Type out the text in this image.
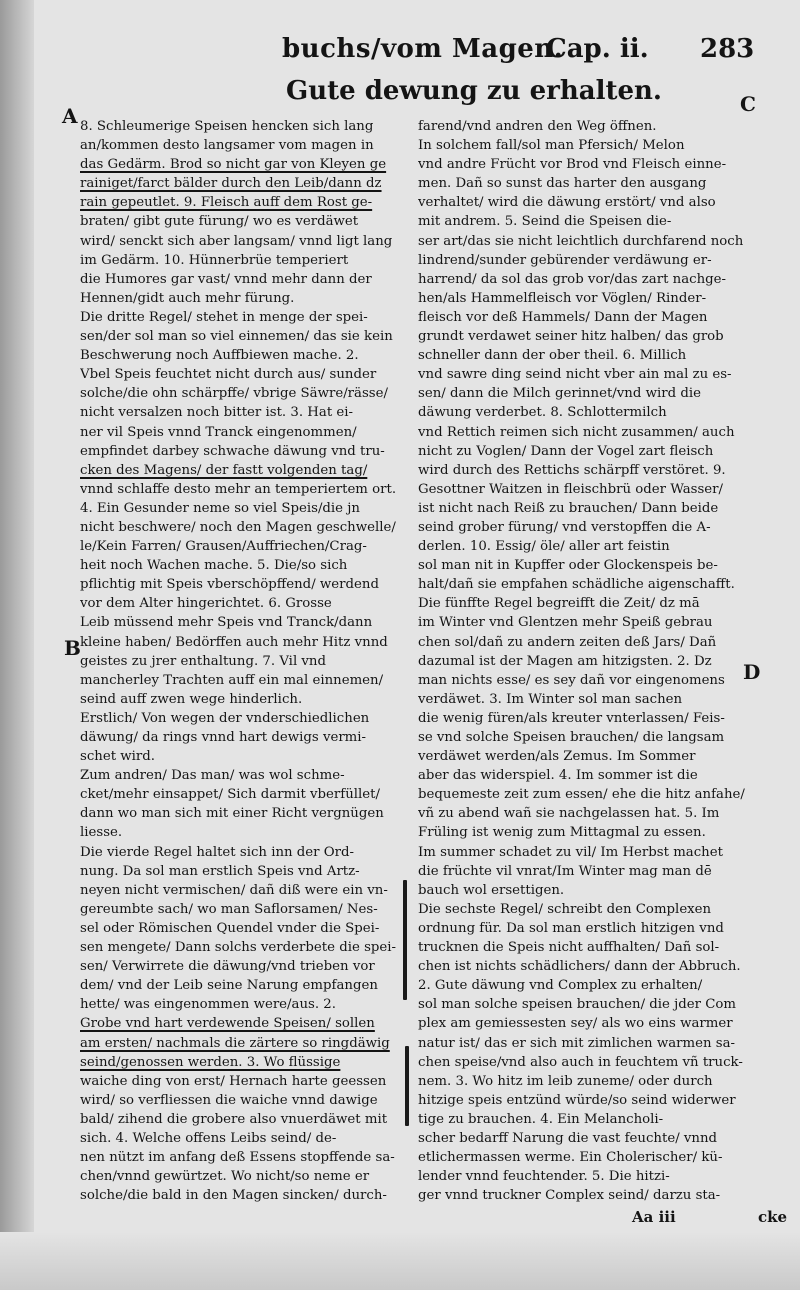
buchs/vom Magen.
Cap. ii. 283
Gute dewung zu erhalten.
A
B
C
D
8. Schleumerige Speisen hencken sich lang
an/kommen desto langsamer vom magen in
das Gedärm. Brod so nicht gar von Kleyen ge
rainiget/farct bälder durch den Leib/dann dz
rain gepeutlet. 9. Fleisch auff dem Rost ge-
braten/ gibt gute fürung/ wo es verdäwet
wird/ senckt sich aber langsam/ vnnd ligt lang
im Gedärm. 10. Hünnerbrüe temperiert
die Humores gar vast/ vnnd mehr dann der
Hennen/gidt auch mehr fürung.
Die dritte Regel/ stehet in menge der spei-
sen/der sol man so viel einnemen/ das sie kein
Beschwerung noch Auffbiewen mache. 2.
Vbel Speis feuchtet nicht durch aus/ sunder
solche/die ohn schärpffe/ vbrige Säwre/rässe/
nicht versalzen noch bitter ist. 3. Hat ei-
ner vil Speis vnnd Tranck eingenommen/
empfindet darbey schwache däwung vnd tru-
cken des Magens/ der fastt volgenden tag/
vnnd schlaffe desto mehr an temperiertem ort.
4. Ein Gesunder neme so viel Speis/die jn
nicht beschwere/ noch den Magen geschwelle/
le/Kein Farren/ Grausen/Auffriechen/Crag-
heit noch Wachen mache. 5. Die/so sich
pflichtig mit Speis vberschöpffend/ werdend
vor dem Alter hingerichtet. 6. Grosse
Leib müssend mehr Speis vnd Tranck/dann
kleine haben/ Bedörffen auch mehr Hitz vnnd
geistes zu jrer enthaltung. 7. Vil vnd
mancherley Trachten auff ein mal einnemen/
seind auff zwen wege hinderlich.
Erstlich/ Von wegen der vnderschiedlichen
däwung/ da rings vnnd hart dewigs vermi-
schet wird.
Zum andren/ Das man/ was wol schme-
cket/mehr einsappet/ Sich darmit vberfüllet/
dann wo man sich mit einer Richt vergnügen
liesse.
Die vierde Regel haltet sich inn der Ord-
nung. Da sol man erstlich Speis vnd Artz-
neyen nicht vermischen/ dañ diß were ein vn-
gereumbte sach/ wo man Saflorsamen/ Nes-
sel oder Römischen Quendel vnder die Spei-
sen mengete/ Dann solchs verderbete die spei-
sen/ Verwirrete die däwung/vnd trieben vor
dem/ vnd der Leib seine Narung empfangen
hette/ was eingenommen were/aus. 2.
Grobe vnd hart verdewende Speisen/ sollen
am ersten/ nachmals die zärtere so ringdäwig
seind/genossen werden. 3. Wo flüssige
waiche ding von erst/ Hernach harte geessen
wird/ so verfliessen die waiche vnnd dawige
bald/ zihend die grobere also vnuerdäwet mit
sich. 4. Welche offens Leibs seind/ de-
nen nützt im anfang deß Essens stopffende sa-
chen/vnnd gewürtzet. Wo nicht/so neme er
solche/die bald in den Magen sincken/ durch-
farend/vnd andren den Weg öffnen.
In solchem fall/sol man Pfersich/ Melon
vnd andre Frücht vor Brod vnd Fleisch einne-
men. Dañ so sunst das harter den ausgang
verhaltet/ wird die däwung erstört/ vnd also
mit andrem. 5. Seind die Speisen die-
ser art/das sie nicht leichtlich durchfarend noch
lindrend/sunder gebürender verdäwung er-
harrend/ da sol das grob vor/das zart nachge-
hen/als Hammelfleisch vor Vöglen/ Rinder-
fleisch vor deß Hammels/ Dann der Magen
grundt verdawet seiner hitz halben/ das grob
schneller dann der ober theil. 6. Millich
vnd sawre ding seind nicht vber ain mal zu es-
sen/ dann die Milch gerinnet/vnd wird die
däwung verderbet. 8. Schlottermilch
vnd Rettich reimen sich nicht zusammen/ auch
nicht zu Voglen/ Dann der Vogel zart fleisch
wird durch des Rettichs schärpff verstöret. 9.
Gesottner Waitzen in fleischbrü oder Wasser/
ist nicht nach Reiß zu brauchen/ Dann beide
seind grober fürung/ vnd verstopffen die A-
derlen. 10. Essig/ öle/ aller art feistin
sol man nit in Kupffer oder Glockenspeis be-
halt/dañ sie empfahen schädliche aigenschafft.
Die fünffte Regel begreifft die Zeit/ dz mā
im Winter vnd Glentzen mehr Speiß gebrau
chen sol/dañ zu andern zeiten deß Jars/ Dañ
dazumal ist der Magen am hitzigsten. 2. Dz
man nichts esse/ es sey dañ vor eingenomens
verdäwet. 3. Im Winter sol man sachen
die wenig füren/als kreuter vnterlassen/ Feis-
se vnd solche Speisen brauchen/ die langsam
verdäwet werden/als Zemus. Im Sommer
aber das widerspiel. 4. Im sommer ist die
bequemeste zeit zum essen/ ehe die hitz anfahe/
vñ zu abend wañ sie nachgelassen hat. 5. Im
Früling ist wenig zum Mittagmal zu essen.
Im summer schadet zu vil/ Im Herbst machet
die früchte vil vnrat/Im Winter mag man dē
bauch wol ersettigen.
Die sechste Regel/ schreibt den Complexen
ordnung für. Da sol man erstlich hitzigen vnd
trucknen die Speis nicht auffhalten/ Dañ sol-
chen ist nichts schädlichers/ dann der Abbruch.
2. Gute däwung vnd Complex zu erhalten/
sol man solche speisen brauchen/ die jder Com
plex am gemiessesten sey/ als wo eins warmer
natur ist/ das er sich mit zimlichen warmen sa-
chen speise/vnd also auch in feuchtem vñ truck-
nem. 3. Wo hitz im leib zuneme/ oder durch
hitzige speis entzünd würde/so seind widerwer
tige zu brauchen. 4. Ein Melancholi-
scher bedarff Narung die vast feuchte/ vnnd
etlichermassen werme. Ein Cholerischer/ kü-
lender vnnd feuchtender. 5. Die hitzi-
ger vnnd truckner Complex seind/ darzu sta-
Aa iii	cke
